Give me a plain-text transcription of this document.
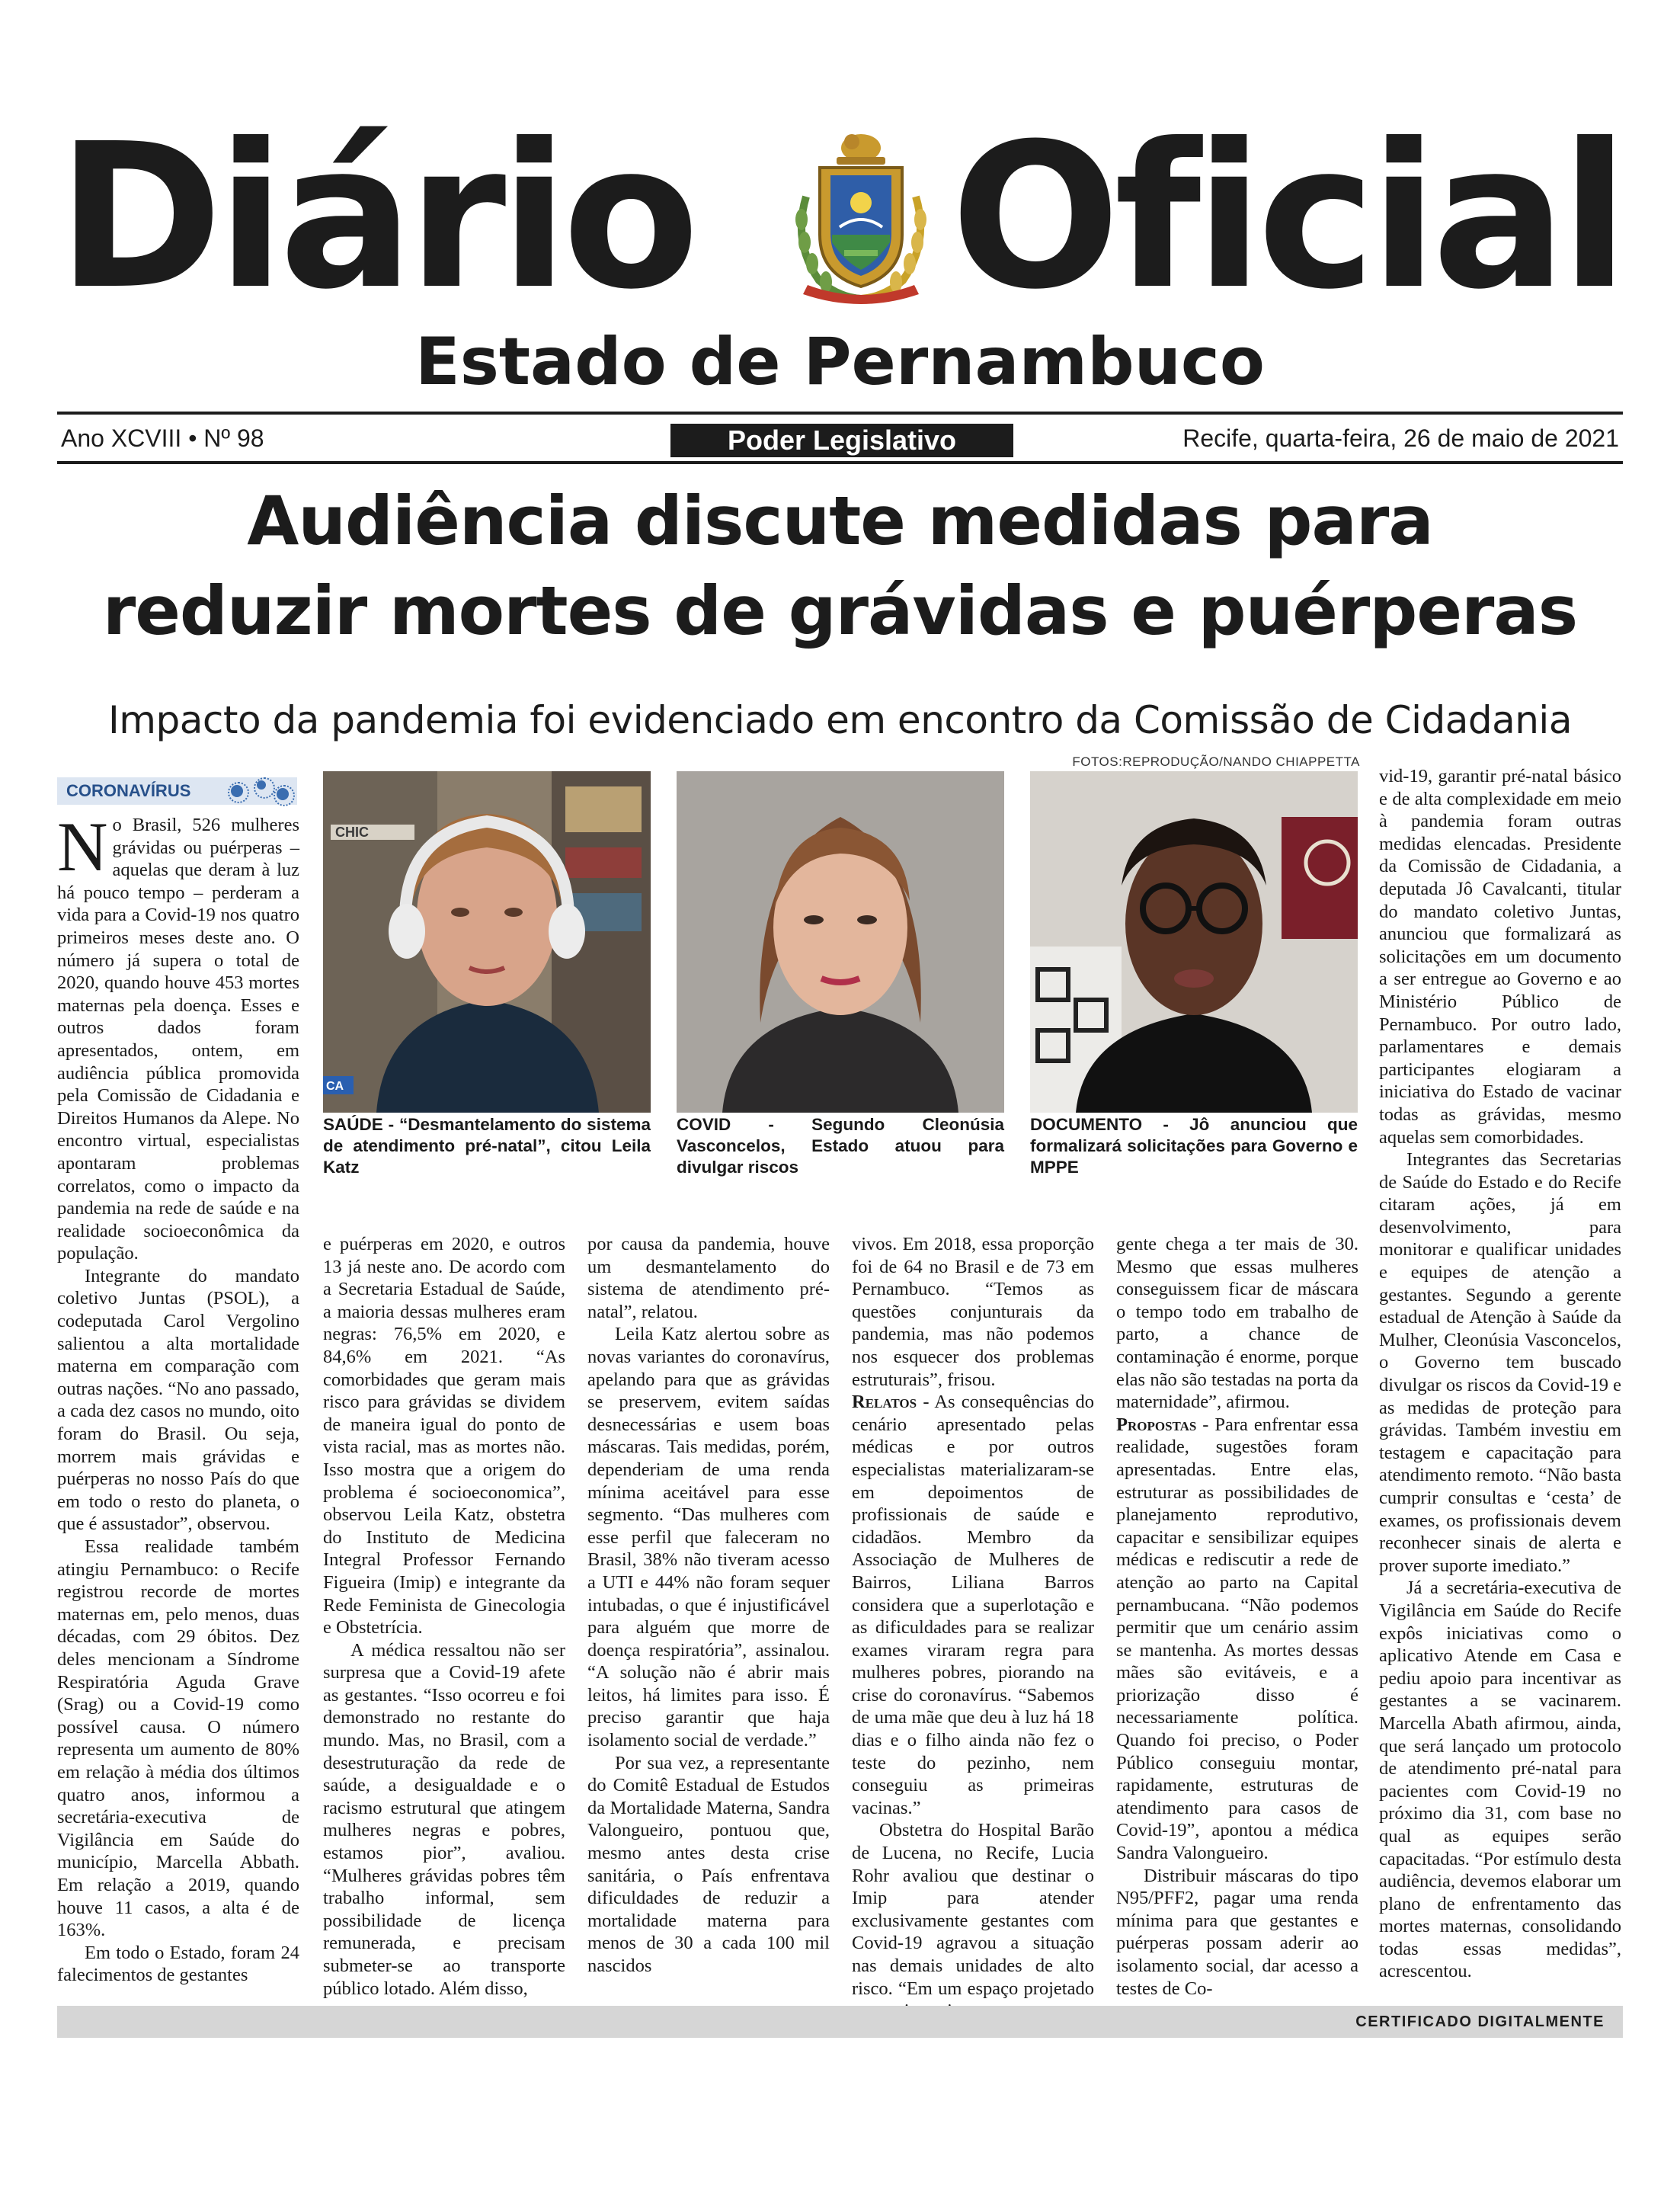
Diário Oficial
Estado de Pernambuco
Ano XCVIII • Nº 98	Recife, quarta-feira, 26 de maio de 2021
Poder Legislativo
Audiência discute medidas para
reduzir mortes de grávidas e puérperas
Impacto da pandemia foi evidenciado em encontro da Comissão de Cidadania
FOTOS:REPRODUÇÃO/NANDO CHIAPPETTA
CORONAVÍRUS
N o Brasil, 526 mulheres grávidas ou puérperas – aquelas que deram à luz há pouco tempo – perderam a vida para a Covid-19 nos quatro primeiros meses deste ano. O número já supera o total de 2020, quando houve 453 mortes maternas pela doença. Esses e outros dados foram apresentados, ontem, em audiência pública promovida pela Comissão de Cidadania e Direitos Humanos da Alepe. No encontro virtual, especialistas apontaram problemas correlatos, como o impacto da pandemia na rede de saúde e na realidade socioeconômica da população.

Integrante do mandato coletivo Juntas (PSOL), a codeputada Carol Vergolino salientou a alta mortalidade materna em comparação com outras nações. “No ano passado, a cada dez casos no mundo, oito foram do Brasil. Ou seja, morrem mais grávidas e puérperas no nosso País do que em todo o resto do planeta, o que é assustador”, observou.

Essa realidade também atingiu Pernambuco: o Recife registrou recorde de mortes maternas em, pelo menos, duas décadas, com 29 óbitos. Dez deles mencionam a Síndrome Respiratória Aguda Grave (Srag) ou a Covid-19 como possível causa. O número representa um aumento de 80% em relação à média dos últimos quatro anos, informou a secretária-executiva de Vigilância em Saúde do município, Marcella Abbath. Em relação a 2019, quando houve 11 casos, a alta é de 163%.

Em todo o Estado, foram 24 falecimentos de gestantes

CHIC
CA
SAÚDE - “Desmantelamento do sistema de atendimento pré-natal”, citou Leila Katz
COVID - Segundo Cleonúsia Vasconcelos, Estado atuou para divulgar riscos
DOCUMENTO - Jô anunciou que formalizará solicitações para Governo e MPPE

e puérperas em 2020, e outros 13 já neste ano. De acordo com a Secretaria Estadual de Saúde, a maioria dessas mulheres eram negras: 76,5% em 2020, e 84,6% em 2021. “As comorbidades que geram mais risco para grávidas se dividem de maneira igual do ponto de vista racial, mas as mortes não. Isso mostra que a origem do problema é socioeconomica”, observou Leila Katz, obstetra do Instituto de Medicina Integral Professor Fernando Figueira (Imip) e integrante da Rede Feminista de Ginecologia e Obstetrícia.

A médica ressaltou não ser surpresa que a Covid-19 afete as gestantes. “Isso ocorreu e foi demonstrado no restante do mundo. Mas, no Brasil, com a desestruturação da rede de saúde, a desigualdade e o racismo estrutural que atingem mulheres negras e pobres, estamos pior”, avaliou. “Mulheres grávidas pobres têm trabalho informal, sem possibilidade de licença remunerada, e precisam submeter-se ao transporte público lotado. Além disso,

por causa da pandemia, houve um desmantelamento do sistema de atendimento pré-natal”, relatou.

Leila Katz alertou sobre as novas variantes do coronavírus, apelando para que as grávidas se preservem, evitem saídas desnecessárias e usem boas máscaras. Tais medidas, porém, dependeriam de uma renda mínima aceitável para esse segmento. “Das mulheres com esse perfil que faleceram no Brasil, 38% não tiveram acesso a UTI e 44% não foram sequer intubadas, o que é injustificável para alguém que morre de doença respiratória”, assinalou. “A solução não é abrir mais leitos, há limites para isso. É preciso garantir que haja isolamento social de verdade.”

Por sua vez, a representante do Comitê Estadual de Estudos da Mortalidade Materna, Sandra Valongueiro, pontuou que, mesmo antes desta crise sanitária, o País enfrentava dificuldades de reduzir a mortalidade materna para menos de 30 a cada 100 mil nascidos

vivos. Em 2018, essa proporção foi de 64 no Brasil e de 73 em Pernambuco. “Temos as questões conjunturais da pandemia, mas não podemos nos esquecer dos problemas estruturais”, frisou.

Relatos - As consequências do cenário apresentado pelas médicas e por outros especialistas materializaram-se em depoimentos de profissionais de saúde e cidadãos. Membro da Associação de Mulheres de Bairros, Liliana Barros considera que a superlotação e as dificuldades para se realizar exames viraram regra para mulheres pobres, piorando na crise do coronavírus. “Sabemos de uma mãe que deu à luz há 18 dias e o filho ainda não fez o teste do pezinho, nem conseguiu as primeiras vacinas.”

Obstetra do Hospital Barão de Lucena, no Recife, Lucia Rohr avaliou que destinar o Imip para atender exclusivamente gestantes com Covid-19 agravou a situação nas demais unidades de alto risco. “Em um espaço projetado

gente chega a ter mais de 30. Mesmo que essas mulheres conseguissem ficar de máscara o tempo todo em trabalho de parto, a chance de contaminação é enorme, porque elas não são testadas na porta da maternidade”, afirmou.

Propostas - Para enfrentar essa realidade, sugestões foram apresentadas. Entre elas, estruturar as possibilidades de planejamento reprodutivo, capacitar e sensibilizar equipes médicas e rediscutir a rede de atenção ao parto na Capital pernambucana. “Não podemos permitir que um cenário assim se mantenha. As mortes dessas mães são evitáveis, e a priorização disso é necessariamente política. Quando foi preciso, o Poder Público conseguiu montar, rapidamente, estruturas de atendimento para casos de Covid-19”, apontou a médica Sandra Valongueiro.

Distribuir máscaras do tipo N95/PFF2, pagar uma renda mínima para que gestantes e puérperas possam aderir ao isolamento social, dar acesso a testes de Co-

vid-19, garantir pré-natal básico e de alta complexidade em meio à pandemia foram outras medidas elencadas. Presidente da Comissão de Cidadania, a deputada Jô Cavalcanti, titular do mandato coletivo Juntas, anunciou que formalizará as solicitações em um documento a ser entregue ao Governo e ao Ministério Público de Pernambuco. Por outro lado, parlamentares e demais participantes elogiaram a iniciativa do Estado de vacinar todas as grávidas, mesmo aquelas sem comorbidades.

Integrantes das Secretarias de Saúde do Estado e do Recife citaram ações, já em desenvolvimento, para monitorar e qualificar unidades e equipes de atenção a gestantes. Segundo a gerente estadual de Atenção à Saúde da Mulher, Cleonúsia Vasconcelos, o Governo tem buscado divulgar os riscos da Covid-19 e as medidas de proteção para grávidas. Também investiu em testagem e capacitação para atendimento remoto. “Não basta cumprir consultas e ‘cesta’ de exames, os profissionais devem reconhecer sinais de alerta e prover suporte imediato.”

Já a secretária-executiva de Vigilância em Saúde do Recife expôs iniciativas como o aplicativo Atende em Casa e pediu apoio para incentivar as gestantes a se vacinarem. Marcella Abath afirmou, ainda, que será lançado um protocolo de atendimento pré-natal para pacientes com Covid-19 no próximo dia 31, com base no qual as equipes serão capacitadas. “Por estímulo desta audiência, devemos elaborar um plano de enfrentamento das mortes maternas, consolidando todas essas medidas”, acrescentou.

CERTIFICADO DIGITALMENTE
